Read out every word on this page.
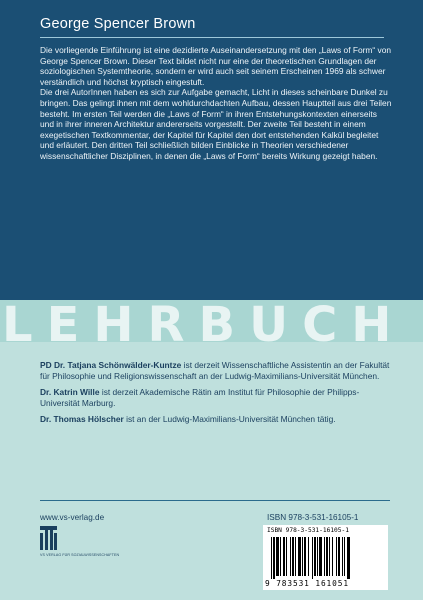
George Spencer Brown

Die vorliegende Einführung ist eine dezidierte Auseinandersetzung mit den „Laws of Form“ von George Spencer Brown. Dieser Text bildet nicht nur eine der theoretischen Grundlagen der soziologischen Systemtheorie, sondern er wird auch seit seinem Erscheinen 1969 als schwer verständlich und höchst kryptisch eingestuft.

Die drei AutorInnen haben es sich zur Aufgabe gemacht, Licht in dieses scheinbare Dunkel zu bringen. Das gelingt ihnen mit dem wohldurchdachten Aufbau, dessen Hauptteil aus drei Teilen besteht. Im ersten Teil werden die „Laws of Form“ in ihren Entstehungskontexten einerseits und in ihrer inneren Architektur andererseits vorgestellt. Der zweite Teil besteht in einem exegetischen Textkommentar, der Kapitel für Kapitel den dort entstehenden Kalkül begleitet und erläutert. Den dritten Teil schließlich bilden Einblicke in Theorien verschiedener wissenschaftlicher Disziplinen, in denen die „Laws of Form“ bereits Wirkung gezeigt haben.

LEHRBUCH

PD Dr. Tatjana Schönwälder-Kuntze ist derzeit Wissenschaftliche Assistentin an der Fakultät für Philosophie und Religionswissenschaft an der Ludwig-Maximilians-Universität München.

Dr. Katrin Wille ist derzeit Akademische Rätin am Institut für Philosophie der Philipps-Universität Marburg.

Dr. Thomas Hölscher ist an der Ludwig-Maximilians-Universität München tätig.

www.vs-verlag.de
VS VERLAG FÜR SOZIALWISSENSCHAFTEN
ISBN 978-3-531-16105-1
ISBN 978-3-531-16105-1
9 783531 161051
